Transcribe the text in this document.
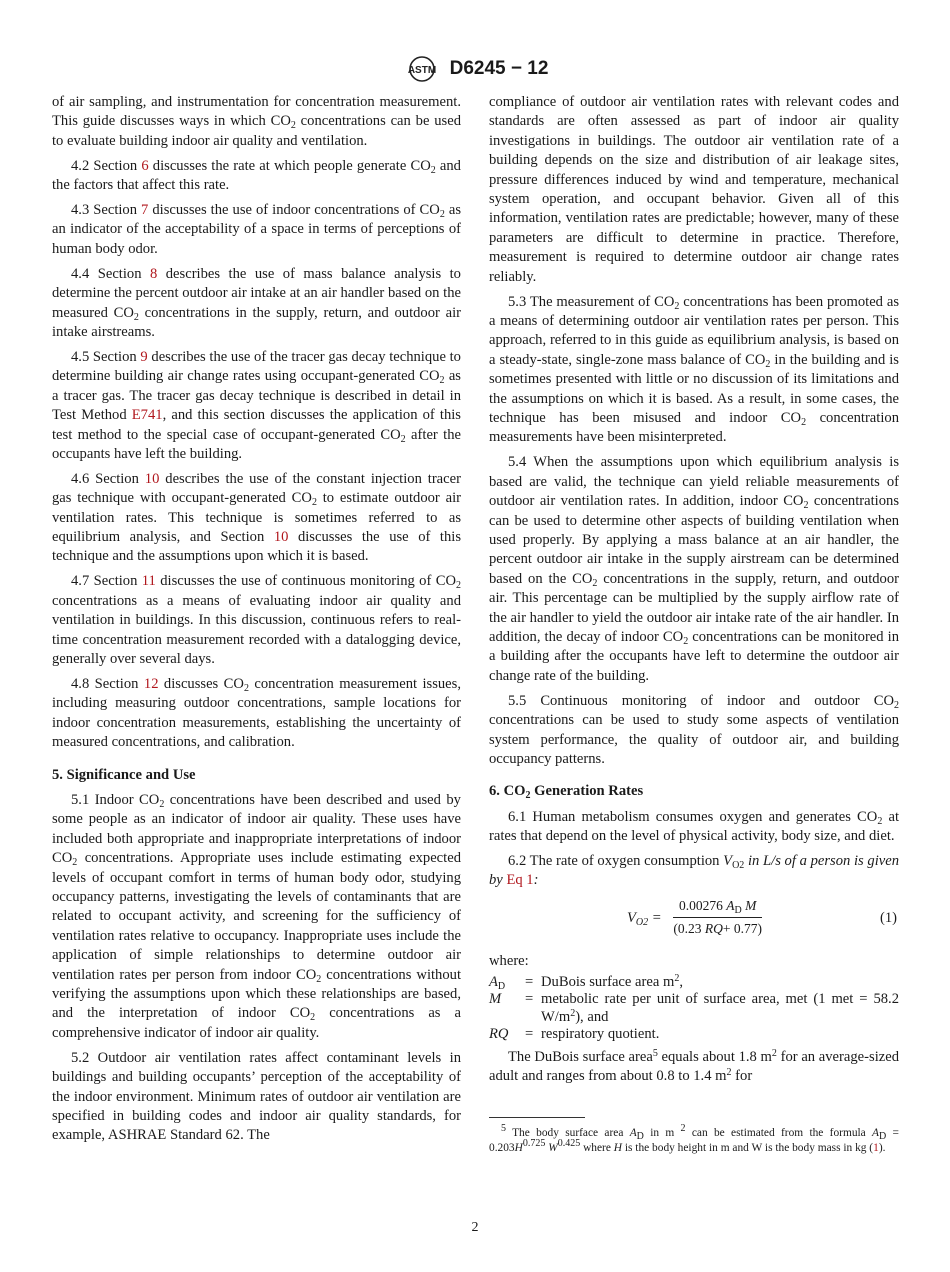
ASTM D6245 − 12

of air sampling, and instrumentation for concentration measurement. This guide discusses ways in which $CO_2$ concentrations can be used to evaluate building indoor air quality and ventilation.

4.2 Section 6 discusses the rate at which people generate $CO_2$ and the factors that affect this rate.

4.3 Section 7 discusses the use of indoor concentrations of $CO_2$ as an indicator of the acceptability of a space in terms of perceptions of human body odor.

4.4 Section 8 describes the use of mass balance analysis to determine the percent outdoor air intake at an air handler based on the measured $CO_2$ concentrations in the supply, return, and outdoor air intake airstreams.

4.5 Section 9 describes the use of the tracer gas decay technique to determine building air change rates using occupant-generated $CO_2$ as a tracer gas. The tracer gas decay technique is described in detail in Test Method E741, and this section discusses the application of this test method to the special case of occupant-generated $CO_2$ after the occupants have left the building.

4.6 Section 10 describes the use of the constant injection tracer gas technique with occupant-generated $CO_2$ to estimate outdoor air ventilation rates. This technique is sometimes referred to as equilibrium analysis, and Section 10 discusses the use of this technique and the assumptions upon which it is based.

4.7 Section 11 discusses the use of continuous monitoring of $CO_2$ concentrations as a means of evaluating indoor air quality and ventilation in buildings. In this discussion, continuous refers to real-time concentration measurement recorded with a datalogging device, generally over several days.

4.8 Section 12 discusses $CO_2$ concentration measurement issues, including measuring outdoor concentrations, sample locations for indoor concentration measurements, establishing the uncertainty of measured concentrations, and calibration.

5. Significance and Use

5.1 Indoor $CO_2$ concentrations have been described and used by some people as an indicator of indoor air quality. These uses have included both appropriate and inappropriate interpretations of indoor $CO_2$ concentrations. Appropriate uses include estimating expected levels of occupant comfort in terms of human body odor, studying occupancy patterns, investigating the levels of contaminants that are related to occupant activity, and screening for the sufficiency of ventilation rates relative to occupancy. Inappropriate uses include the application of simple relationships to determine outdoor air ventilation rates per person from indoor $CO_2$ concentrations without verifying the assumptions upon which these relationships are based, and the interpretation of indoor $CO_2$ concentrations as a comprehensive indicator of indoor air quality.

5.2 Outdoor air ventilation rates affect contaminant levels in buildings and building occupants’ perception of the acceptability of the indoor environment. Minimum rates of outdoor air ventilation are specified in building codes and indoor air quality standards, for example, ASHRAE Standard 62. The

compliance of outdoor air ventilation rates with relevant codes and standards are often assessed as part of indoor air quality investigations in buildings. The outdoor air ventilation rate of a building depends on the size and distribution of air leakage sites, pressure differences induced by wind and temperature, mechanical system operation, and occupant behavior. Given all of this information, ventilation rates are predictable; however, many of these parameters are difficult to determine in practice. Therefore, measurement is required to determine outdoor air change rates reliably.

5.3 The measurement of $CO_2$ concentrations has been promoted as a means of determining outdoor air ventilation rates per person. This approach, referred to in this guide as equilibrium analysis, is based on a steady-state, single-zone mass balance of $CO_2$ in the building and is sometimes presented with little or no discussion of its limitations and the assumptions on which it is based. As a result, in some cases, the technique has been misused and indoor $CO_2$ concentration measurements have been misinterpreted.

5.4 When the assumptions upon which equilibrium analysis is based are valid, the technique can yield reliable measurements of outdoor air ventilation rates. In addition, indoor $CO_2$ concentrations can be used to determine other aspects of building ventilation when used properly. By applying a mass balance at an air handler, the percent outdoor air intake in the supply airstream can be determined based on the $CO_2$ concentrations in the supply, return, and outdoor air. This percentage can be multiplied by the supply airflow rate of the air handler to yield the outdoor air intake rate of the air handler. In addition, the decay of indoor $CO_2$ concentrations can be monitored in a building after the occupants have left to determine the outdoor air change rate of the building.

5.5 Continuous monitoring of indoor and outdoor $CO_2$ concentrations can be used to study some aspects of ventilation system performance, the quality of outdoor air, and building occupancy patterns.

6. $CO_2$ Generation Rates

6.1 Human metabolism consumes oxygen and generates $CO_2$ at rates that depend on the level of physical activity, body size, and diet.

6.2 The rate of oxygen consumption $V_{O2}$ in L/s of a person is given by Eq 1:

$V_{O2} = \frac{0.00276 A_D M}{(0.23 RQ+ 0.77)}$	(1)
where:
$A_D$	= DuBois surface area $m^2$,
M	= metabolic rate per unit of surface area, met (1 met = 58.2 $W/m^2$), and
RQ	= respiratory quotient.

The DuBois surface area$^5$ equals about 1.8 $m^2$ for an average-sized adult and ranges from about 0.8 to 1.4 $m^2$ for

$^5$ The body surface area $A_D$ in m $^2$ can be estimated from the formula $A_D = 0.203H^{0.725}$ $W^{0.425}$ where H is the body height in m and W is the body mass in kg (1).
2
